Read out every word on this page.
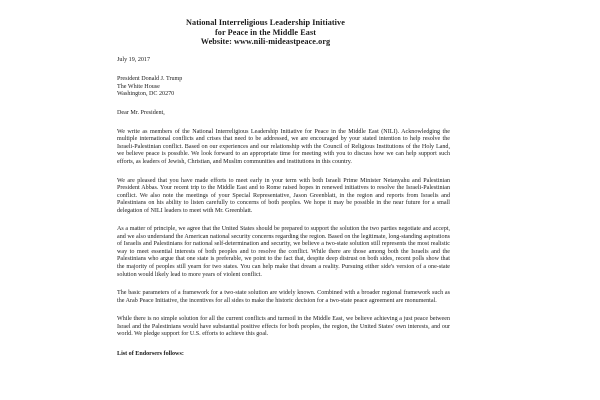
National Interreligious Leadership Initiative
for Peace in the Middle East
Website: www.nili-mideastpeace.org
July 19, 2017
President Donald J. Trump
The White House
Washington, DC 20270
Dear Mr. President,
We write as members of the National Interreligious Leadership Initiative for Peace in the Middle East (NILI). Acknowledging the multiple international conflicts and crises that need to be addressed, we are encouraged by your stated intention to help resolve the Israeli-Palestinian conflict. Based on our experiences and our relationship with the Council of Religious Institutions of the Holy Land, we believe peace is possible. We look forward to an appropriate time for meeting with you to discuss how we can help support such efforts, as leaders of Jewish, Christian, and Muslim communities and institutions in this country.
We are pleased that you have made efforts to meet early in your term with both Israeli Prime Minister Netanyahu and Palestinian President Abbas. Your recent trip to the Middle East and to Rome raised hopes in renewed initiatives to resolve the Israeli-Palestinian conflict. We also note the meetings of your Special Representative, Jason Greenblatt, in the region and reports from Israelis and Palestinians on his ability to listen carefully to concerns of both peoples. We hope it may be possible in the near future for a small delegation of NILI leaders to meet with Mr. Greenblatt.
As a matter of principle, we agree that the United States should be prepared to support the solution the two parties negotiate and accept, and we also understand the American national security concerns regarding the region. Based on the legitimate, long-standing aspirations of Israelis and Palestinians for national self-determination and security, we believe a two-state solution still represents the most realistic way to meet essential interests of both peoples and to resolve the conflict. While there are those among both the Israelis and the Palestinians who argue that one state is preferable, we point to the fact that, despite deep distrust on both sides, recent polls show that the majority of peoples still yearn for two states. You can help make that dream a reality. Pursuing either side's version of a one-state solution would likely lead to more years of violent conflict.
The basic parameters of a framework for a two-state solution are widely known. Combined with a broader regional framework such as the Arab Peace Initiative, the incentives for all sides to make the historic decision for a two-state peace agreement are monumental.
While there is no simple solution for all the current conflicts and turmoil in the Middle East, we believe achieving a just peace between Israel and the Palestinians would have substantial positive effects for both peoples, the region, the United States' own interests, and our world. We pledge support for U.S. efforts to achieve this goal.
List of Endorsers follows:
